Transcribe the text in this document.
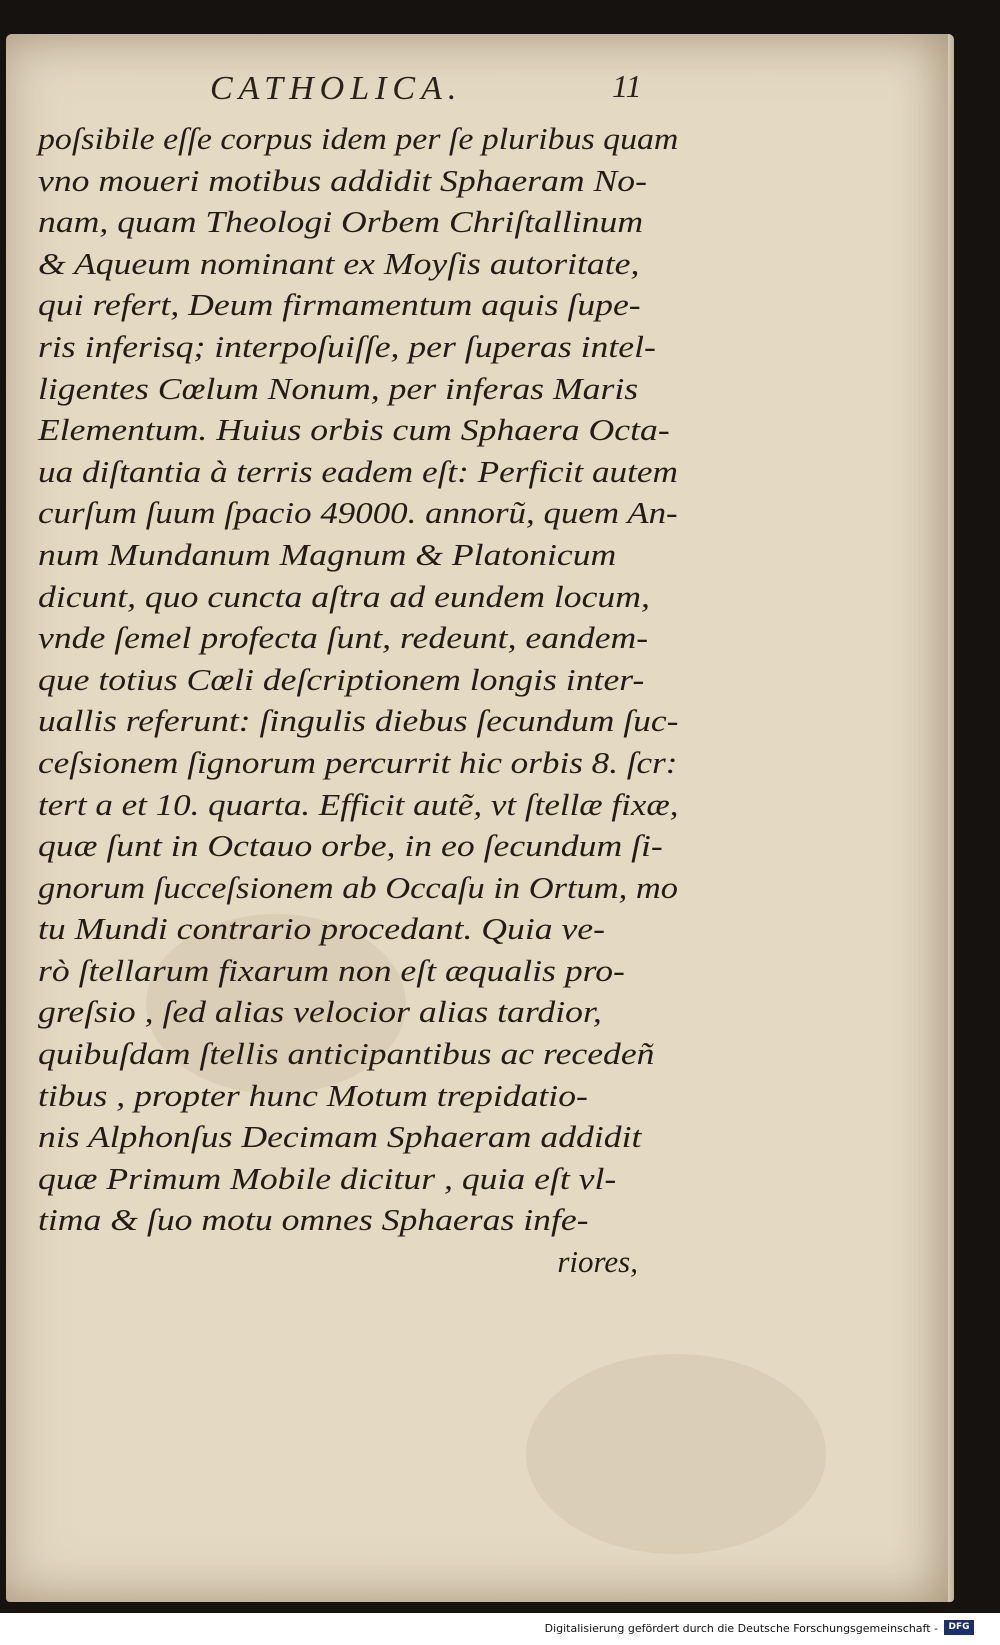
CATHOLICA.	11
poſsibile eſſe corpus idem per ſe pluribus quam
vno moueri motibus addidit Sphaeram No-
nam, quam Theologi Orbem Chriſtallinum
& Aqueum nominant ex Moyſis autoritate,
qui refert, Deum firmamentum aquis ſupe-
ris inferisq; interpoſuiſſe, per ſuperas intel-
ligentes Cœlum Nonum, per inferas Maris
Elementum. Huius orbis cum Sphaera Octa-
ua diſtantia à terris eadem eſt: Perficit autem
curſum ſuum ſpacio 49000. annorũ, quem An-
num Mundanum Magnum & Platonicum
dicunt, quo cuncta aſtra ad eundem locum,
vnde ſemel profecta ſunt, redeunt, eandem-
que totius Cœli deſcriptionem longis inter-
uallis referunt: ſingulis diebus ſecundum ſuc-
ceſsionem ſignorum percurrit hic orbis 8. ſcr:
tert a et 10. quarta. Efficit autẽ, vt ſtellæ fixæ,
quæ ſunt in Octauo orbe, in eo ſecundum ſi-
gnorum ſucceſsionem ab Occaſu in Ortum, mo
tu Mundi contrario procedant. Quia ve-
rò ſtellarum fixarum non eſt æqualis pro-
greſsio , ſed alias velocior alias tardior,
quibuſdam ſtellis anticipantibus ac recedeñ
tibus , propter hunc Motum trepidatio-
nis Alphonſus Decimam Sphaeram addidit
quæ Primum Mobile dicitur , quia eſt vl-
tima & ſuo motu omnes Sphaeras infe-
riores,
Digitalisierung gefördert durch die Deutsche Forschungsgemeinschaft -	DFG
